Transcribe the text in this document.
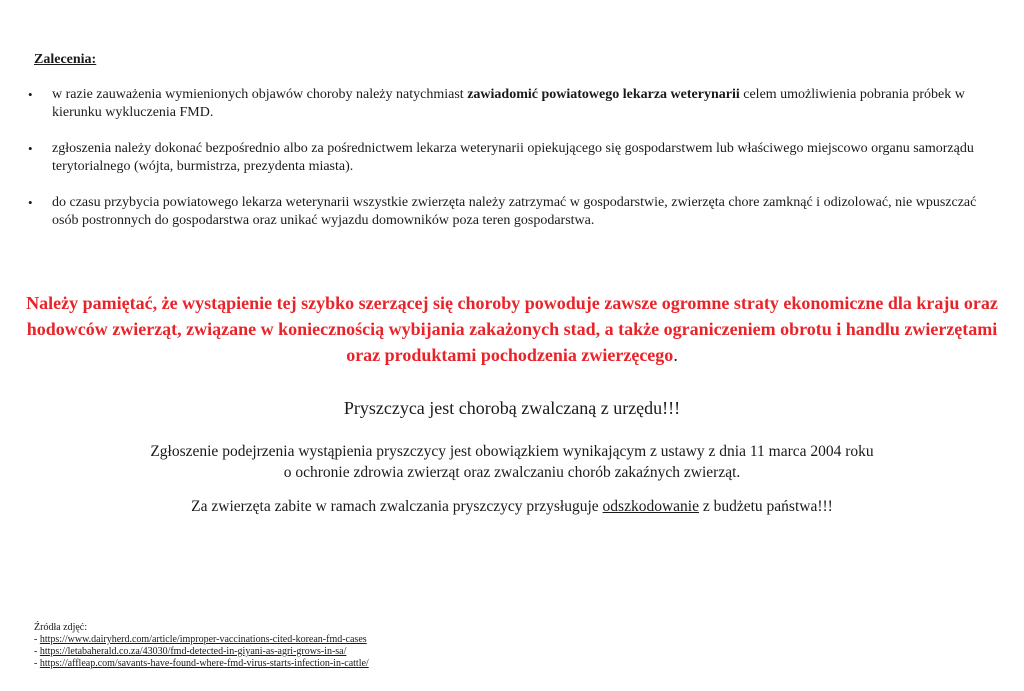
Zalecenia:
• w razie zauważenia wymienionych objawów choroby należy natychmiast zawiadomić powiatowego lekarza weterynarii celem umożliwienia pobrania próbek w kierunku wykluczenia FMD.
• zgłoszenia należy dokonać bezpośrednio albo za pośrednictwem lekarza weterynarii opiekującego się gospodarstwem lub właściwego miejscowo organu samorządu terytorialnego (wójta, burmistrza, prezydenta miasta).
• do czasu przybycia powiatowego lekarza weterynarii wszystkie zwierzęta należy zatrzymać w gospodarstwie, zwierzęta chore zamknąć i odizolować, nie wpuszczać osób postronnych do gospodarstwa oraz unikać wyjazdu domowników poza teren gospodarstwa.
Należy pamiętać, że wystąpienie tej szybko szerzącej się choroby powoduje zawsze ogromne straty ekonomiczne dla kraju oraz hodowców zwierząt, związane w koniecznością wybijania zakażonych stad, a także ograniczeniem obrotu i handlu zwierzętami oraz produktami pochodzenia zwierzęcego.
Pryszczyca jest chorobą zwalczaną z urzędu!!!
Zgłoszenie podejrzenia wystąpienia pryszczycy jest obowiązkiem wynikającym z ustawy z dnia 11 marca 2004 roku
o ochronie zdrowia zwierząt oraz zwalczaniu chorób zakaźnych zwierząt.
Za zwierzęta zabite w ramach zwalczania pryszczycy przysługuje odszkodowanie z budżetu państwa!!!
Źródła zdjęć:
- https://www.dairyherd.com/article/improper-vaccinations-cited-korean-fmd-cases
- https://letabaherald.co.za/43030/fmd-detected-in-giyani-as-agri-grows-in-sa/
- https://affleap.com/savants-have-found-where-fmd-virus-starts-infection-in-cattle/
